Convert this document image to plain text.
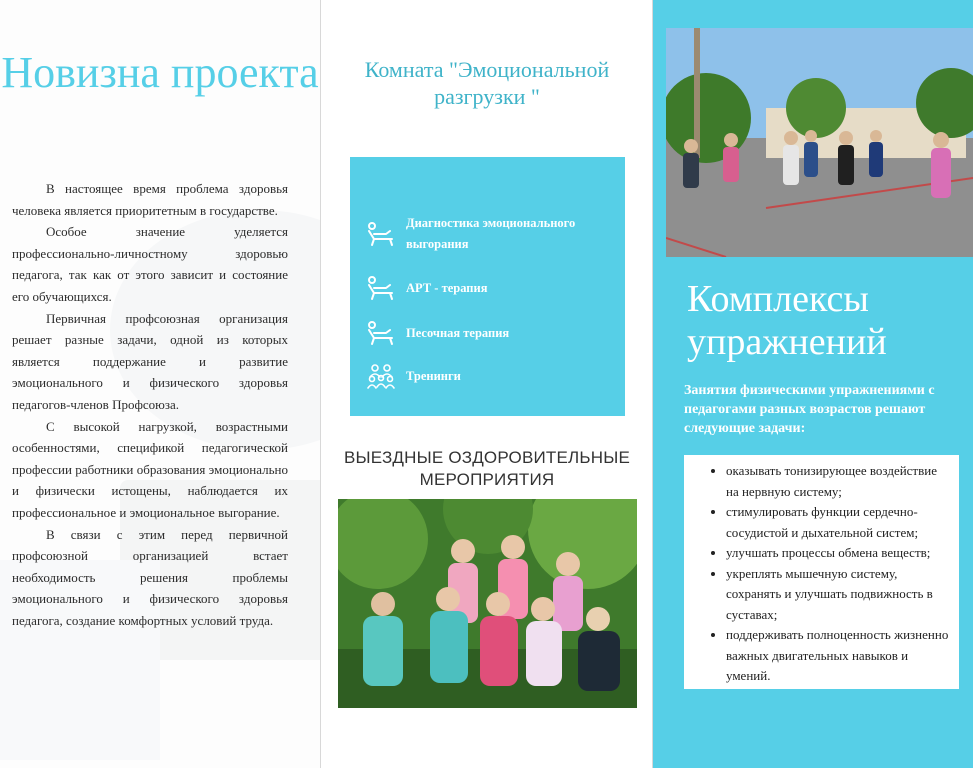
Новизна проекта

В настоящее время проблема здоровья человека является приоритетным в государстве.

Особое значение уделяется профессионально-личностному здоровью педагога, так как от этого зависит и состояние его обучающихся.

Первичная профсоюзная организация решает разные задачи, одной из которых является поддержание и развитие эмоционального и физического здоровья педагогов-членов Профсоюза.

С высокой нагрузкой, возрастными особенностями, спецификой педагогической профессии работники образования эмоционально и физически истощены, наблюдается их профессиональное и эмоциональное выгорание.

В связи с этим перед первичной профсоюзной организацией встает необходимость решения проблемы эмоционального и физического здоровья педагога, создание комфортных условий труда.

Комната "Эмоциональной разгрузки "
Диагностика эмоционального выгорания
АРТ - терапия
Песочная терапия
Тренинги
ВЫЕЗДНЫЕ ОЗДОРОВИТЕЛЬНЫЕ МЕРОПРИЯТИЯ
Комплексы упражнений

Занятия физическими упражнениями с педагогами разных возрастов решают следующие задачи:

• оказывать тонизирующее воздействие на нервную систему;
• стимулировать функции сердечно-сосудистой и дыхательной систем;
• улучшать процессы обмена веществ;
• укреплять мышечную систему, сохранять и улучшать подвижность в суставах;
• поддерживать полноценность жизненно важных двигательных навыков и умений.
